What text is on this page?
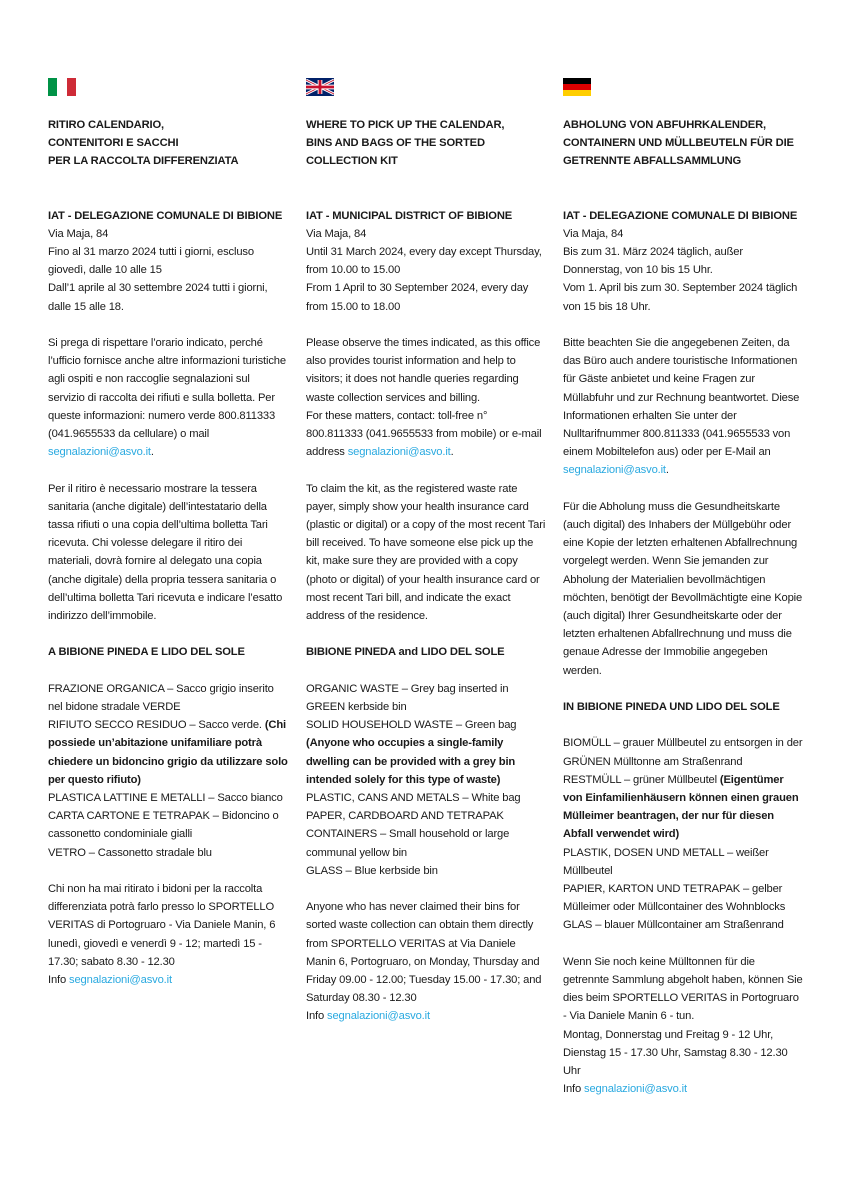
RITIRO CALENDARIO,
CONTENITORI E SACCHI
PER LA RACCOLTA DIFFERENZIATA

IAT - DELEGAZIONE COMUNALE DI BIBIONE

Via Maja, 84

Fino al 31 marzo 2024 tutti i giorni, escluso giovedì, dalle 10 alle 15

Dall’1 aprile al 30 settembre 2024 tutti i giorni, dalle 15 alle 18.

Si prega di rispettare l’orario indicato, perché l’ufficio fornisce anche altre informazioni turistiche agli ospiti e non raccoglie segnalazioni sul servizio di raccolta dei rifiuti e sulla bolletta. Per queste informazioni: numero verde 800.811333 (041.9655533 da cellulare) o mail segnalazioni@asvo.it.

Per il ritiro è necessario mostrare la tessera sanitaria (anche digitale) dell’intestatario della tassa rifiuti o una copia dell’ultima bolletta Tari ricevuta. Chi volesse delegare il ritiro dei materiali, dovrà fornire al delegato una copia (anche digitale) della propria tessera sanitaria o dell’ultima bolletta Tari ricevuta e indicare l’esatto indirizzo dell’immobile.

A BIBIONE PINEDA E LIDO DEL SOLE

FRAZIONE ORGANICA – Sacco grigio inserito nel bidone stradale VERDE

RIFIUTO SECCO RESIDUO – Sacco verde. (Chi possiede un’abitazione unifamiliare potrà chiedere un bidoncino grigio da utilizzare solo per questo rifiuto)

PLASTICA LATTINE E METALLI – Sacco bianco

CARTA CARTONE E TETRAPAK – Bidoncino o cassonetto condominiale gialli

VETRO – Cassonetto stradale blu

Chi non ha mai ritirato i bidoni per la raccolta differenziata potrà farlo presso lo SPORTELLO VERITAS di Portogruaro - Via Daniele Manin, 6 lunedì, giovedì e venerdì 9 - 12; martedì 15 - 17.30; sabato 8.30 - 12.30

Info segnalazioni@asvo.it

WHERE TO PICK UP THE CALENDAR,
BINS AND BAGS OF THE SORTED
COLLECTION KIT

IAT - MUNICIPAL DISTRICT OF BIBIONE

Via Maja, 84

Until 31 March 2024, every day except Thursday, from 10.00 to 15.00

From 1 April to 30 September 2024, every day from 15.00 to 18.00

Please observe the times indicated, as this office also provides tourist information and help to visitors; it does not handle queries regarding waste collection services and billing.

For these matters, contact: toll-free n° 800.811333 (041.9655533 from mobile) or e-mail address segnalazioni@asvo.it.

To claim the kit, as the registered waste rate payer, simply show your health insurance card (plastic or digital) or a copy of the most recent Tari bill received. To have someone else pick up the kit, make sure they are provided with a copy (photo or digital) of your health insurance card or most recent Tari bill, and indicate the exact address of the residence.

BIBIONE PINEDA and LIDO DEL SOLE

ORGANIC WASTE – Grey bag inserted in GREEN kerbside bin

SOLID HOUSEHOLD WASTE – Green bag (Anyone who occupies a single-family dwelling can be provided with a grey bin intended solely for this type of waste)

PLASTIC, CANS AND METALS – White bag

PAPER, CARDBOARD AND TETRAPAK CONTAINERS – Small household or large communal yellow bin

GLASS – Blue kerbside bin

Anyone who has never claimed their bins for sorted waste collection can obtain them directly from SPORTELLO VERITAS at Via Daniele Manin 6, Portogruaro, on Monday, Thursday and Friday 09.00 - 12.00; Tuesday 15.00 - 17.30; and Saturday 08.30 - 12.30

Info segnalazioni@asvo.it

ABHOLUNG VON ABFUHRKALENDER,
CONTAINERN UND MÜLLBEUTELN FÜR DIE
GETRENNTE ABFALLSAMMLUNG

IAT - DELEGAZIONE COMUNALE DI BIBIONE

Via Maja, 84

Bis zum 31. März 2024 täglich, außer Donnerstag, von 10 bis 15 Uhr.

Vom 1. April bis zum 30. September 2024 täglich von 15 bis 18 Uhr.

Bitte beachten Sie die angegebenen Zeiten, da das Büro auch andere touristische Informationen für Gäste anbietet und keine Fragen zur Müllabfuhr und zur Rechnung beantwortet. Diese Informationen erhalten Sie unter der Nulltarifnummer 800.811333 (041.9655533 von einem Mobiltelefon aus) oder per E-Mail an segnalazioni@asvo.it.

Für die Abholung muss die Gesundheitskarte (auch digital) des Inhabers der Müllgebühr oder eine Kopie der letzten erhaltenen Abfallrechnung vorgelegt werden. Wenn Sie jemanden zur Abholung der Materialien bevollmächtigen möchten, benötigt der Bevollmächtigte eine Kopie (auch digital) Ihrer Gesundheitskarte oder der letzten erhaltenen Abfallrechnung und muss die genaue Adresse der Immobilie angegeben werden.

IN BIBIONE PINEDA UND LIDO DEL SOLE

BIOMÜLL – grauer Müllbeutel zu entsorgen in der GRÜNEN Mülltonne am Straßenrand

RESTMÜLL – grüner Müllbeutel (Eigentümer von Einfamilienhäusern können einen grauen Mülleimer beantragen, der nur für diesen Abfall verwendet wird)

PLASTIK, DOSEN UND METALL – weißer Müllbeutel

PAPIER, KARTON UND TETRAPAK – gelber Mülleimer oder Müllcontainer des Wohnblocks

GLAS – blauer Müllcontainer am Straßenrand

Wenn Sie noch keine Mülltonnen für die getrennte Sammlung abgeholt haben, können Sie dies beim SPORTELLO VERITAS in Portogruaro - Via Daniele Manin 6 - tun.

Montag, Donnerstag und Freitag 9 - 12 Uhr, Dienstag 15 - 17.30 Uhr, Samstag 8.30 - 12.30 Uhr

Info segnalazioni@asvo.it
